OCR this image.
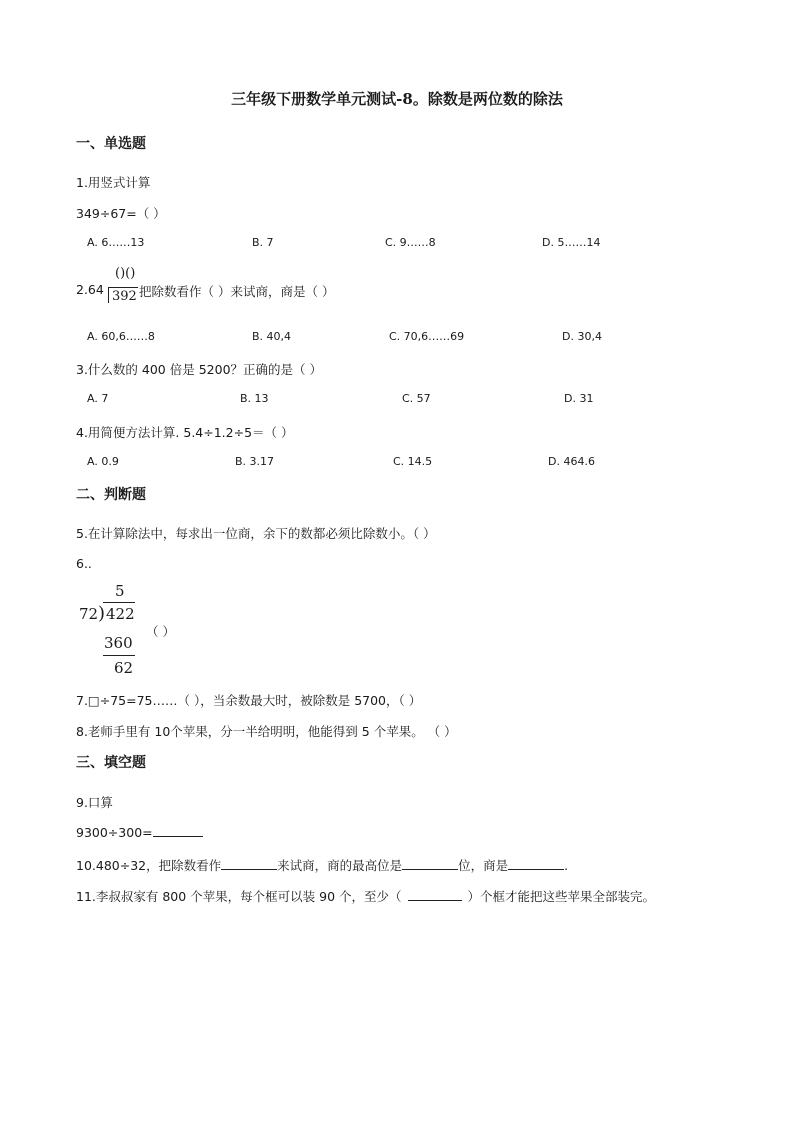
三年级下册数学单元测试-8。除数是两位数的除法
一、单选题
1.用竖式计算
349÷67=（ ）
A. 6……13	B. 7	C. 9……8	D. 5……14
2.64
()()
392 把除数看作（ ）来试商，商是（ ）
A. 60,6……8	B. 40,4	C. 70,6……69	D. 30,4
3.什么数的 400 倍是 5200？正确的是（ ）
A. 7	B. 13	C. 57	D. 31
4.用简便方法计算. 5.4÷1.2÷5＝（ ）
A. 0.9	B. 3.17	C. 14.5	D. 464.6
二、判断题
5.在计算除法中，每求出一位商，余下的数都必须比除数小。（ ）
6..
5
72 ) 422
360
62
（ ）
7.□÷75=75……（ ），当余数最大时，被除数是 5700，（ ）
8.老师手里有 10个苹果，分一半给明明，他能得到 5 个苹果。 （ ）
三、填空题
9.口算
9300÷300=
10.480÷32，把除数看作	来试商，商的最高位是	位，商是	.
11.李叔叔家有 800 个苹果，每个框可以装 90 个，至少（	）个框才能把这些苹果全部装完。
